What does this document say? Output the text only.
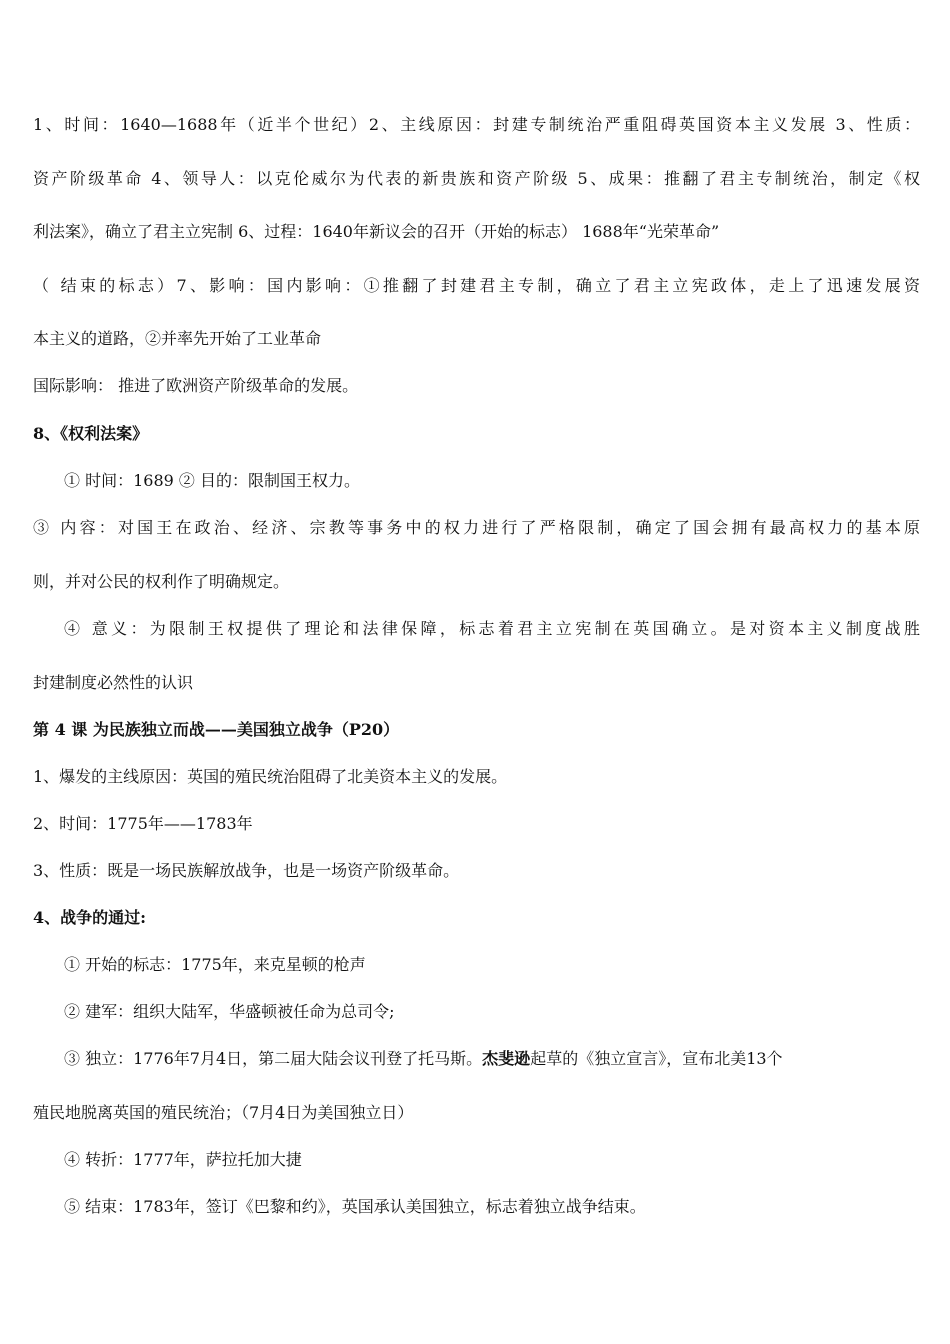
1、时间：1640—1688年（近半个世纪）2、主线原因：封建专制统治严重阻碍英国资本主义发展 3、性质：
资产阶级革命 4、领导人：以克伦威尔为代表的新贵族和资产阶级 5、成果：推翻了君主专制统治，制定《权
利法案》，确立了君主立宪制 6、过程：1640年新议会的召开（开始的标志） 1688年“光荣革命”
（ 结束的标志）7、影响：国内影响：①推翻了封建君主专制，确立了君主立宪政体，走上了迅速发展资
本主义的道路，②并率先开始了工业革命
国际影响： 推进了欧洲资产阶级革命的发展。
8、《权利法案》
① 时间：1689 ② 目的：限制国王权力。
③ 内容：对国王在政治、经济、宗教等事务中的权力进行了严格限制，确定了国会拥有最高权力的基本原
则，并对公民的权利作了明确规定。
④ 意义：为限制王权提供了理论和法律保障，标志着君主立宪制在英国确立。是对资本主义制度战胜
封建制度必然性的认识
第 4 课 为民族独立而战——美国独立战争（P20）
1、爆发的主线原因：英国的殖民统治阻碍了北美资本主义的发展。
2、时间：1775年——1783年
3、性质：既是一场民族解放战争，也是一场资产阶级革命。
4、战争的通过:
① 开始的标志：1775年，来克星顿的枪声
② 建军：组织大陆军，华盛顿被任命为总司令;
③ 独立：1776年7月4日，第二届大陆会议刊登了托马斯。杰斐逊起草的《独立宣言》，宣布北美13个
殖民地脱离英国的殖民统治；（7月4日为美国独立日）
④ 转折：1777年，萨拉托加大捷
⑤ 结束：1783年，签订《巴黎和约》，英国承认美国独立，标志着独立战争结束。
